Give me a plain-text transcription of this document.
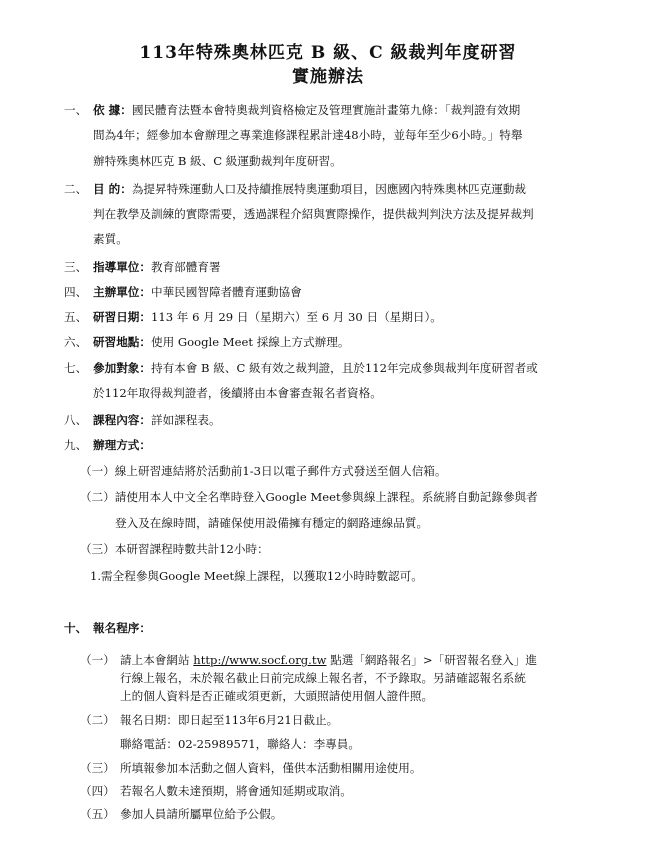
113年特殊奧林匹克 B 級、C 級裁判年度研習
實施辦法
一、 依 據：國民體育法暨本會特奧裁判資格檢定及管理實施計畫第九條：「裁判證有效期
間為4年；經參加本會辦理之專業進修課程累計達48小時，並每年至少6小時。」特舉
辦特殊奧林匹克 B 級、C 級運動裁判年度研習。
二、 目 的：為提昇特殊運動人口及持續推展特奧運動項目，因應國內特殊奧林匹克運動裁
判在教學及訓練的實際需要，透過課程介紹與實際操作，提供裁判判決方法及提昇裁判
素質。
三、 指導單位：教育部體育署
四、 主辦單位：中華民國智障者體育運動協會
五、 研習日期：113 年 6 月 29 日（星期六）至 6 月 30 日（星期日）。
六、 研習地點：使用 Google Meet 採線上方式辦理。
七、 參加對象：持有本會 B 級、C 級有效之裁判證，且於112年完成參與裁判年度研習者或
於112年取得裁判證者，後續將由本會審查報名者資格。
八、 課程內容：詳如課程表。
九、 辦理方式：
（一）線上研習連結將於活動前1-3日以電子郵件方式發送至個人信箱。
（二）請使用本人中文全名準時登入Google Meet參與線上課程。系統將自動記錄參與者
登入及在線時間，請確保使用設備擁有穩定的網路連線品質。
（三）本研習課程時數共計12小時：
1.需全程參與Google Meet線上課程，以獲取12小時時數認可。
十、 報名程序：
（一） 請上本會網站 http://www.socf.org.tw 點選「網路報名」>「研習報名登入」進
行線上報名，未於報名截止日前完成線上報名者，不予錄取。另請確認報名系統
上的個人資料是否正確或須更新，大頭照請使用個人證件照。
（二） 報名日期：即日起至113年6月21日截止。
聯絡電話：02-25989571，聯絡人：李專員。
（三） 所填報參加本活動之個人資料，僅供本活動相關用途使用。
（四） 若報名人數未達預期，將會通知延期或取消。
（五） 參加人員請所屬單位給予公假。
